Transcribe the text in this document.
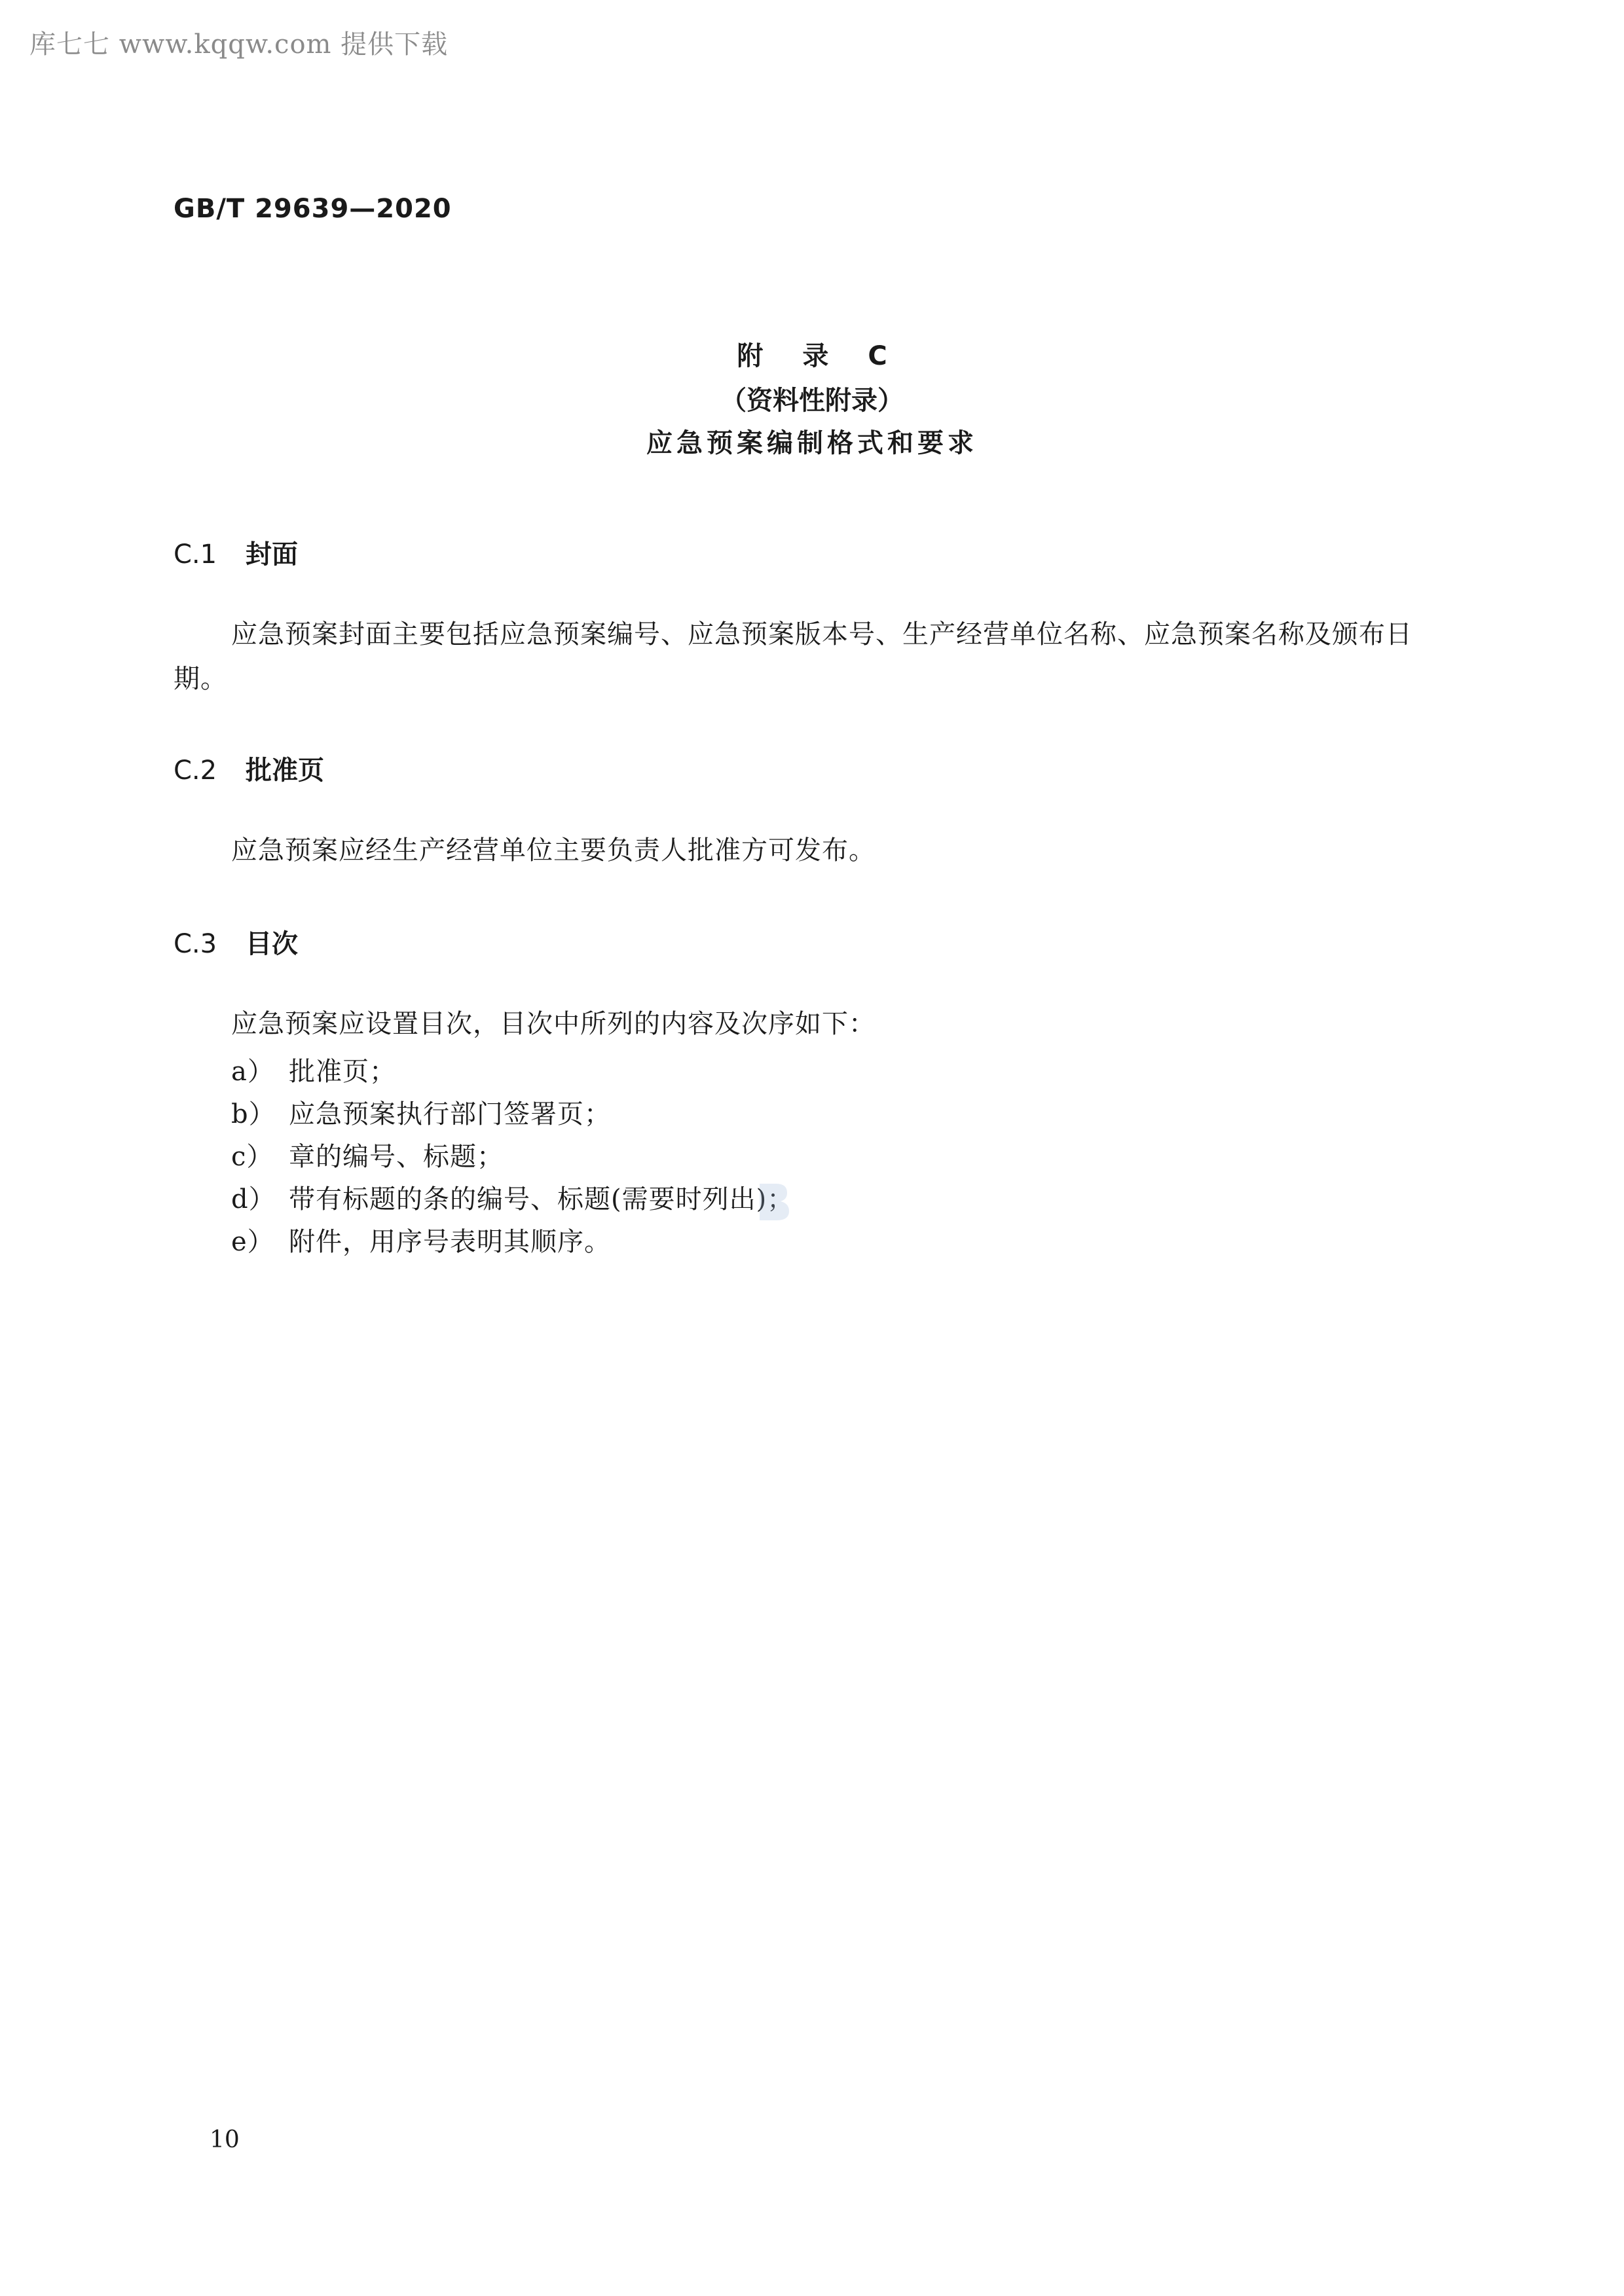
库七七 www.kqqw.com 提供下载
GB/T 29639—2020
附 录 C
（资料性附录）
应急预案编制格式和要求
C.1 封面
应急预案封面主要包括应急预案编号、应急预案版本号、生产经营单位名称、应急预案名称及颁布日期。
C.2 批准页
应急预案应经生产经营单位主要负责人批准方可发布。
C.3 目次
应急预案应设置目次，目次中所列的内容及次序如下：
a） 批准页；
b） 应急预案执行部门签署页；
c） 章的编号、标题；
d） 带有标题的条的编号、标题(需要时列出)；
e） 附件，用序号表明其顺序。
10
